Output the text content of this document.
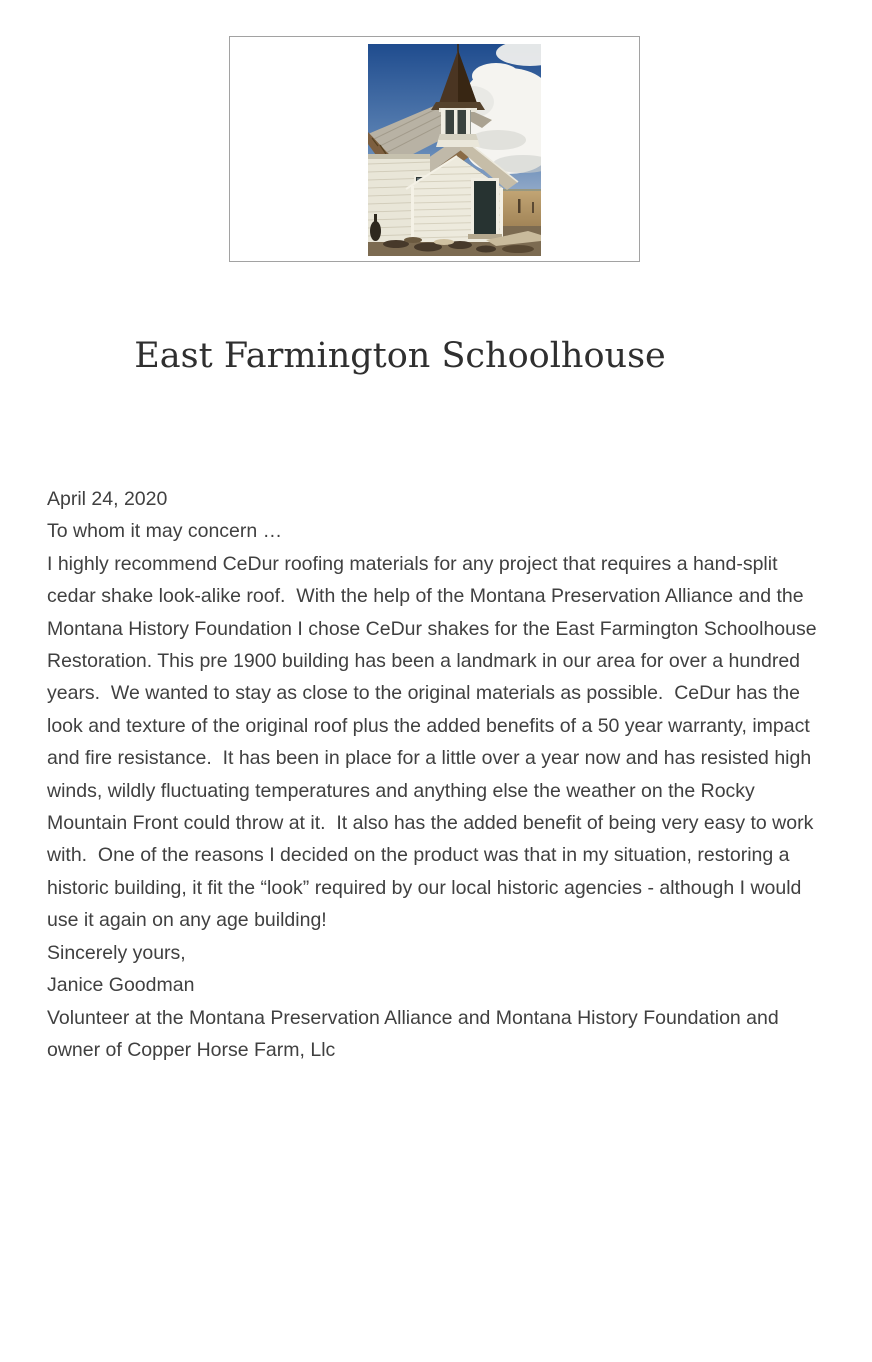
East Farmington Schoolhouse

April 24, 2020

To whom it may concern …

I highly recommend CeDur roofing materials for any project that requires a hand-split cedar shake look-alike roof.  With the help of the Montana Preservation Alliance and the Montana History Foundation I chose CeDur shakes for the East Farmington Schoolhouse Restoration. This pre 1900 building has been a landmark in our area for over a hundred years.  We wanted to stay as close to the original materials as possible.  CeDur has the look and texture of the original roof plus the added benefits of a 50 year warranty, impact and fire resistance.  It has been in place for a little over a year now and has resisted high winds, wildly fluctuating temperatures and anything else the weather on the Rocky Mountain Front could throw at it.  It also has the added benefit of being very easy to work with.  One of the reasons I decided on the product was that in my situation, restoring a historic building, it fit the “look” required by our local historic agencies - although I would use it again on any age building!

Sincerely yours,

Janice Goodman

Volunteer at the Montana Preservation Alliance and Montana History Foundation and owner of Copper Horse Farm, Llc
